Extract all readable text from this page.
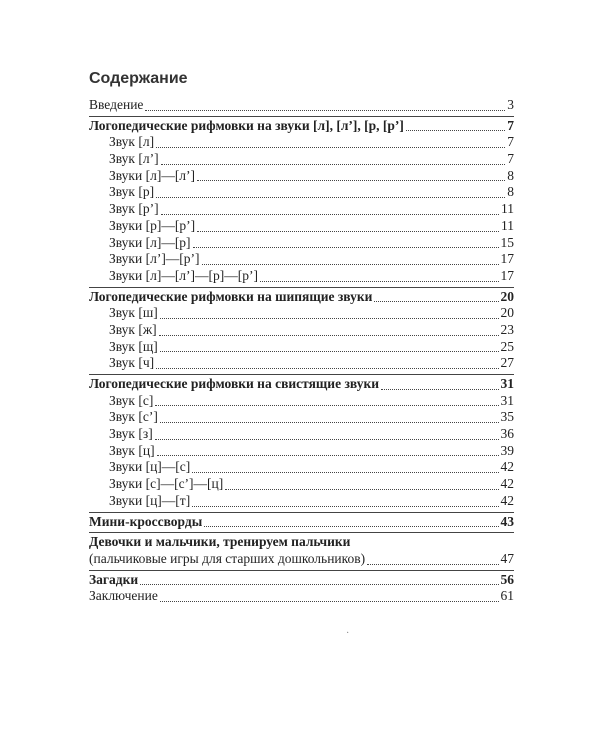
Содержание
Введение	3
Логопедические рифмовки на звуки [л], [л’], [р, [р’]	7
Звук [л]	7
Звук [л’]	7
Звуки [л]—[л’]	8
Звук [р]	8
Звук [р’]	11
Звуки [р]—[р’]	11
Звуки [л]—[р]	15
Звуки [л’]—[р’]	17
Звуки [л]—[л’]—[р]—[р’]	17
Логопедические рифмовки на шипящие звуки	20
Звук [ш]	20
Звук [ж]	23
Звук [щ]	25
Звук [ч]	27
Логопедические рифмовки на свистящие звуки	31
Звук [с]	31
Звук [с’]	35
Звук [з]	36
Звук [ц]	39
Звуки [ц]—[с]	42
Звуки [с]—[с’]—[ц]	42
Звуки [ц]—[т]	42
Мини-кроссворды	43
Девочки и мальчики, тренируем пальчики
(пальчиковые игры для старших дошкольников)	47
Загадки	56
Заключение	61
·
